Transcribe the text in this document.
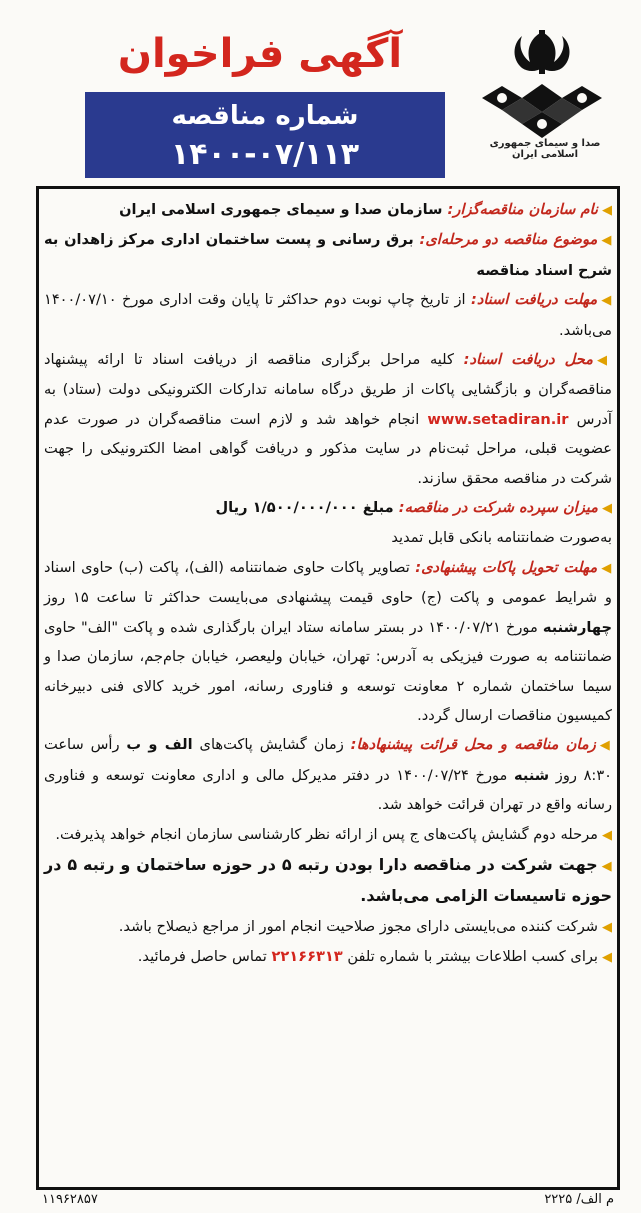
صدا و سیمای جمهوری اسلامی ایران
آگهی فراخوان
شماره مناقصه
۱۴۰۰-۰۷/۱۱۳

◀نام سازمان مناقصه‌گزار: سازمان صدا و سیمای جمهوری اسلامی ایران

◀موضوع مناقصه دو مرحله‌ای: برق رسانی و پست ساختمان اداری مرکز زاهدان به شرح اسناد مناقصه

◀مهلت دریافت اسناد: از تاریخ چاپ نوبت دوم حداکثر تا پایان وقت اداری مورخ ۱۴۰۰/۰۷/۱۰ می‌باشد.

◀محل دریافت اسناد: کلیه مراحل برگزاری مناقصه از دریافت اسناد تا ارائه پیشنهاد مناقصه‌گران و بازگشایی پاکات از طریق درگاه سامانه تدارکات الکترونیکی دولت (ستاد) به آدرس www.setadiran.ir انجام خواهد شد و لازم است مناقصه‌گران در صورت عدم عضویت قبلی، مراحل ثبت‌نام در سایت مذکور و دریافت گواهی امضا الکترونیکی را جهت شرکت در مناقصه محقق سازند.

◀میزان سپرده شرکت در مناقصه: مبلغ ۱/۵۰۰/۰۰۰/۰۰۰ ریال
به‌صورت ضمانتنامه بانکی قابل تمدید

◀مهلت تحویل پاکات پیشنهادی: تصاویر پاکات حاوی ضمانتنامه (الف)، پاکت (ب) حاوی اسناد و شرایط عمومی و پاکت (ج) حاوی قیمت پیشنهادی می‌بایست حداکثر تا ساعت ۱۵ روز چهارشنبه مورخ ۱۴۰۰/۰۷/۲۱ در بستر سامانه ستاد ایران بارگذاری شده و پاکت "الف" حاوی ضمانتنامه به صورت فیزیکی به آدرس: تهران، خیابان ولیعصر، خیابان جام‌جم، سازمان صدا و سیما ساختمان شماره ۲ معاونت توسعه و فناوری رسانه، امور خرید کالای فنی دبیرخانه کمیسیون مناقصات ارسال گردد.

◀زمان مناقصه و محل قرائت پیشنهادها: زمان گشایش پاکت‌های الف و ب رأس ساعت ۸:۳۰ روز شنبه مورخ ۱۴۰۰/۰۷/۲۴ در دفتر مدیرکل مالی و اداری معاونت توسعه و فناوری رسانه واقع در تهران قرائت خواهد شد.

◀مرحله دوم گشایش پاکت‌های ج پس از ارائه نظر کارشناسی سازمان انجام خواهد پذیرفت.

◀جهت شرکت در مناقصه دارا بودن رتبه ۵ در حوزه ساختمان و رتبه ۵ در حوزه تاسیسات الزامی می‌باشد.

◀شرکت کننده می‌بایستی دارای مجوز صلاحیت انجام امور از مراجع ذیصلاح باشد.

◀برای کسب اطلاعات بیشتر با شماره تلفن ۲۲۱۶۶۳۱۳ تماس حاصل فرمائید.

م الف/ ۲۲۲۵
۱۱۹۶۲۸۵۷
